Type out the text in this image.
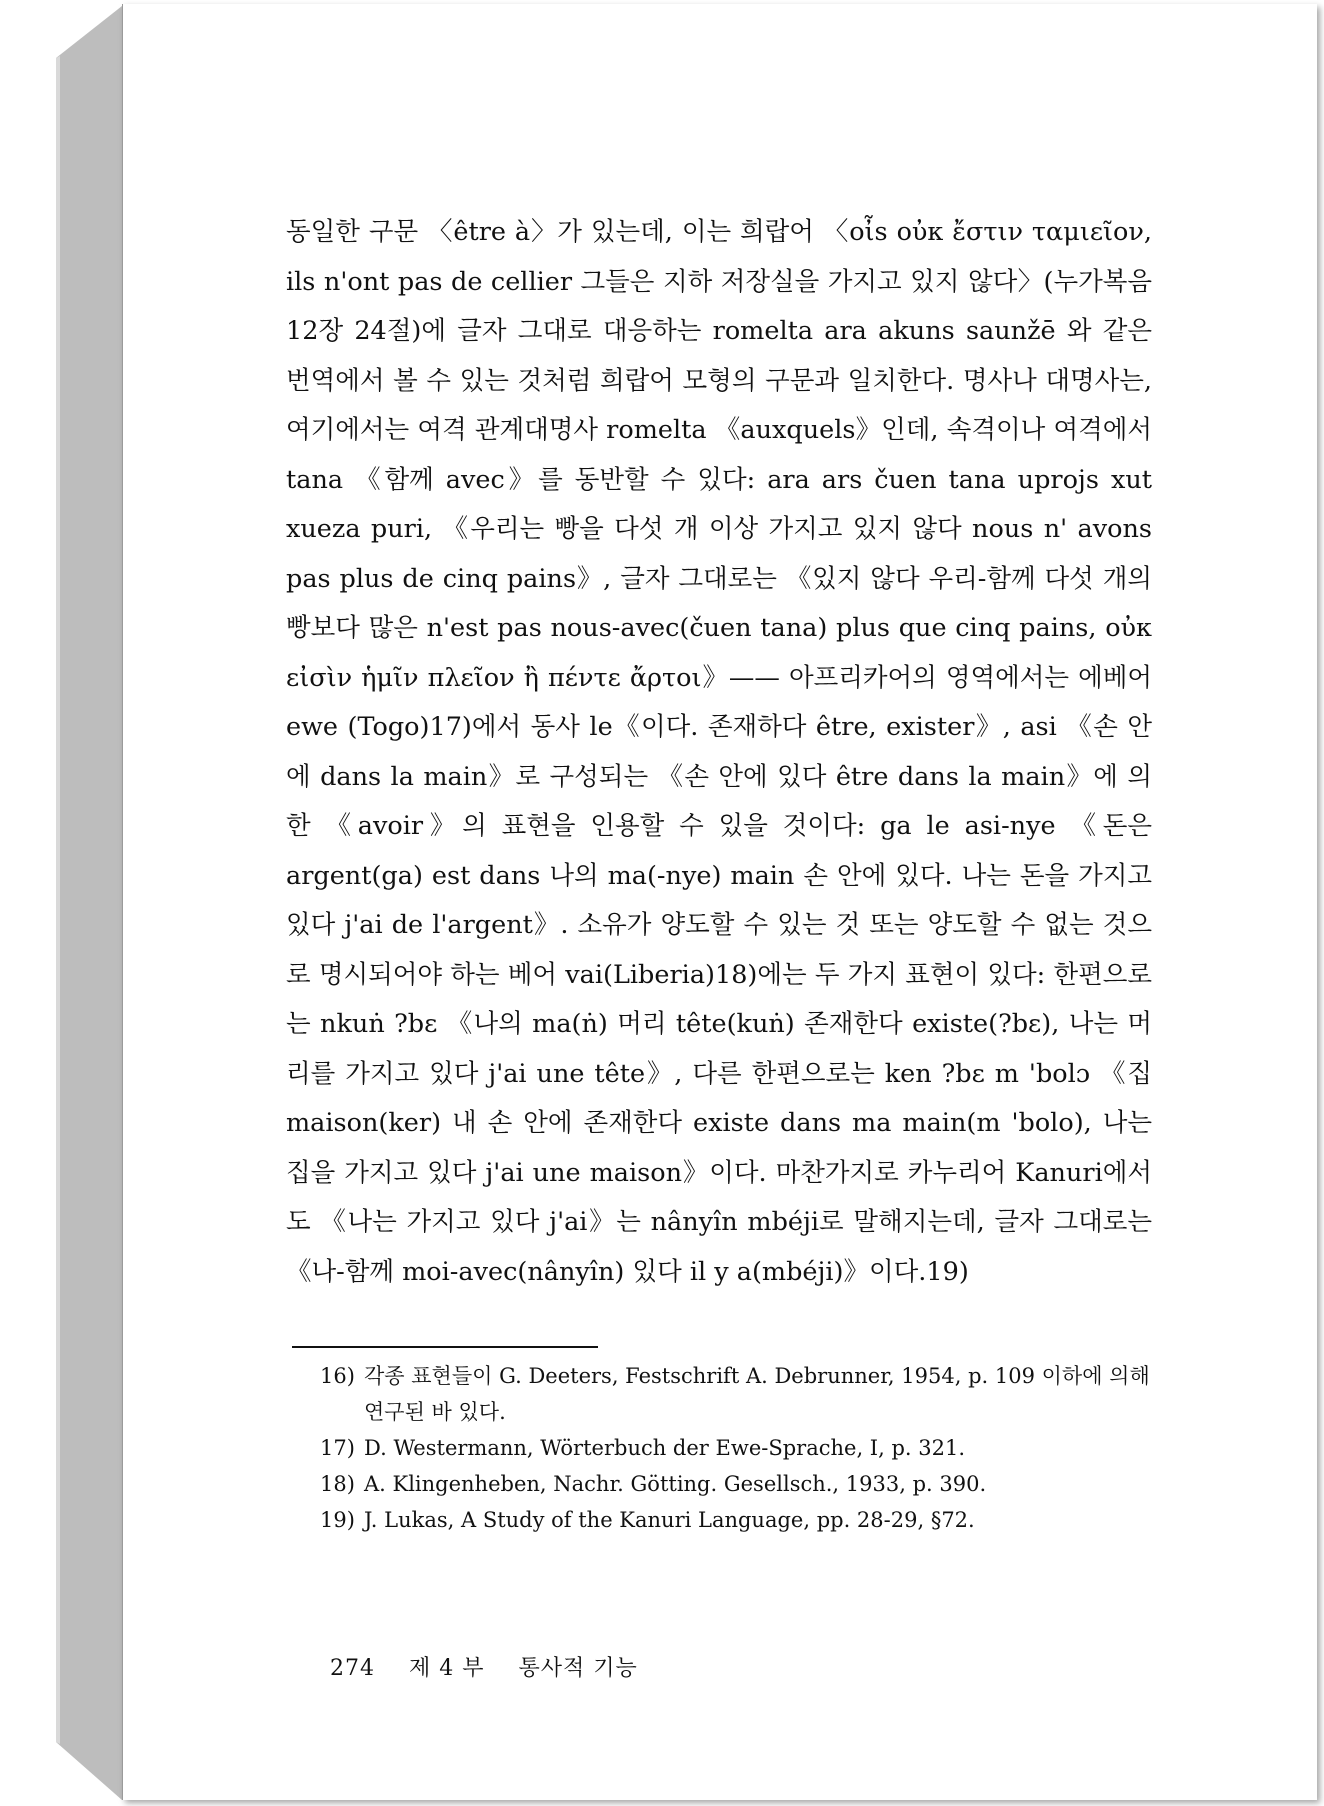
동일한 구문 〈être à〉가 있는데, 이는 희랍어 〈oἶs οὐκ ἔστιν ταμιεῖον, ils n'ont pas de cellier 그들은 지하 저장실을 가지고 있지 않다〉(누가복음 12장 24절)에 글자 그대로 대응하는 romelta ara akuns saunžē 와 같은 번역에서 볼 수 있는 것처럼 희랍어 모형의 구문과 일치한다. 명사나 대명사는, 여기에서는 여격 관계대명사 romelta 《auxquels》인데, 속격이나 여격에서 tana 《함께 avec》를 동반할 수 있다: ara ars čuen tana uprojs xut xueza puri, 《우리는 빵을 다섯 개 이상 가지고 있지 않다 nous n' avons pas plus de cinq pains》, 글자 그대로는 《있지 않다 우리-함께 다섯 개의 빵보다 많은 n'est pas nous-avec(čuen tana) plus que cinq pains, οὐκ εἰσὶν ἡμῖν πλεῖον ἢ πέντε ἄρτοι》—— 아프리카어의 영역에서는 에베어 ewe (Togo)17)에서 동사 le《이다. 존재하다 être, exister》, asi 《손 안에 dans la main》로 구성되는 《손 안에 있다 être dans la main》에 의한 《avoir》의 표현을 인용할 수 있을 것이다: ga le asi-nye 《돈은 argent(ga) est dans 나의 ma(-nye) main 손 안에 있다. 나는 돈을 가지고 있다 j'ai de l'argent》. 소유가 양도할 수 있는 것 또는 양도할 수 없는 것으로 명시되어야 하는 베어 vai(Liberia)18)에는 두 가지 표현이 있다: 한편으로는 nkuṅ ?bɛ 《나의 ma(ṅ) 머리 tête(kuṅ) 존재한다 existe(?bɛ), 나는 머리를 가지고 있다 j'ai une tête》, 다른 한편으로는 ken ?bɛ m 'bolɔ 《집 maison(ker) 내 손 안에 존재한다 existe dans ma main(m 'bolo), 나는 집을 가지고 있다 j'ai une maison》이다. 마찬가지로 카누리어 Kanuri에서도 《나는 가지고 있다 j'ai》는 nânyîn mbéji로 말해지는데, 글자 그대로는 《나-함께 moi-avec(nânyîn) 있다 il y a(mbéji)》이다.19)

16) 각종 표현들이 G. Deeters, Festschrift A. Debrunner, 1954, p. 109 이하에 의해 연구된 바 있다.
17) D. Westermann, Wörterbuch der Ewe-Sprache, Ⅰ, p. 321.
18) A. Klingenheben, Nachr. Götting. Gesellsch., 1933, p. 390.
19) J. Lukas, A Study of the Kanuri Language, pp. 28-29, §72.
274 제 4 부 통사적 기능
